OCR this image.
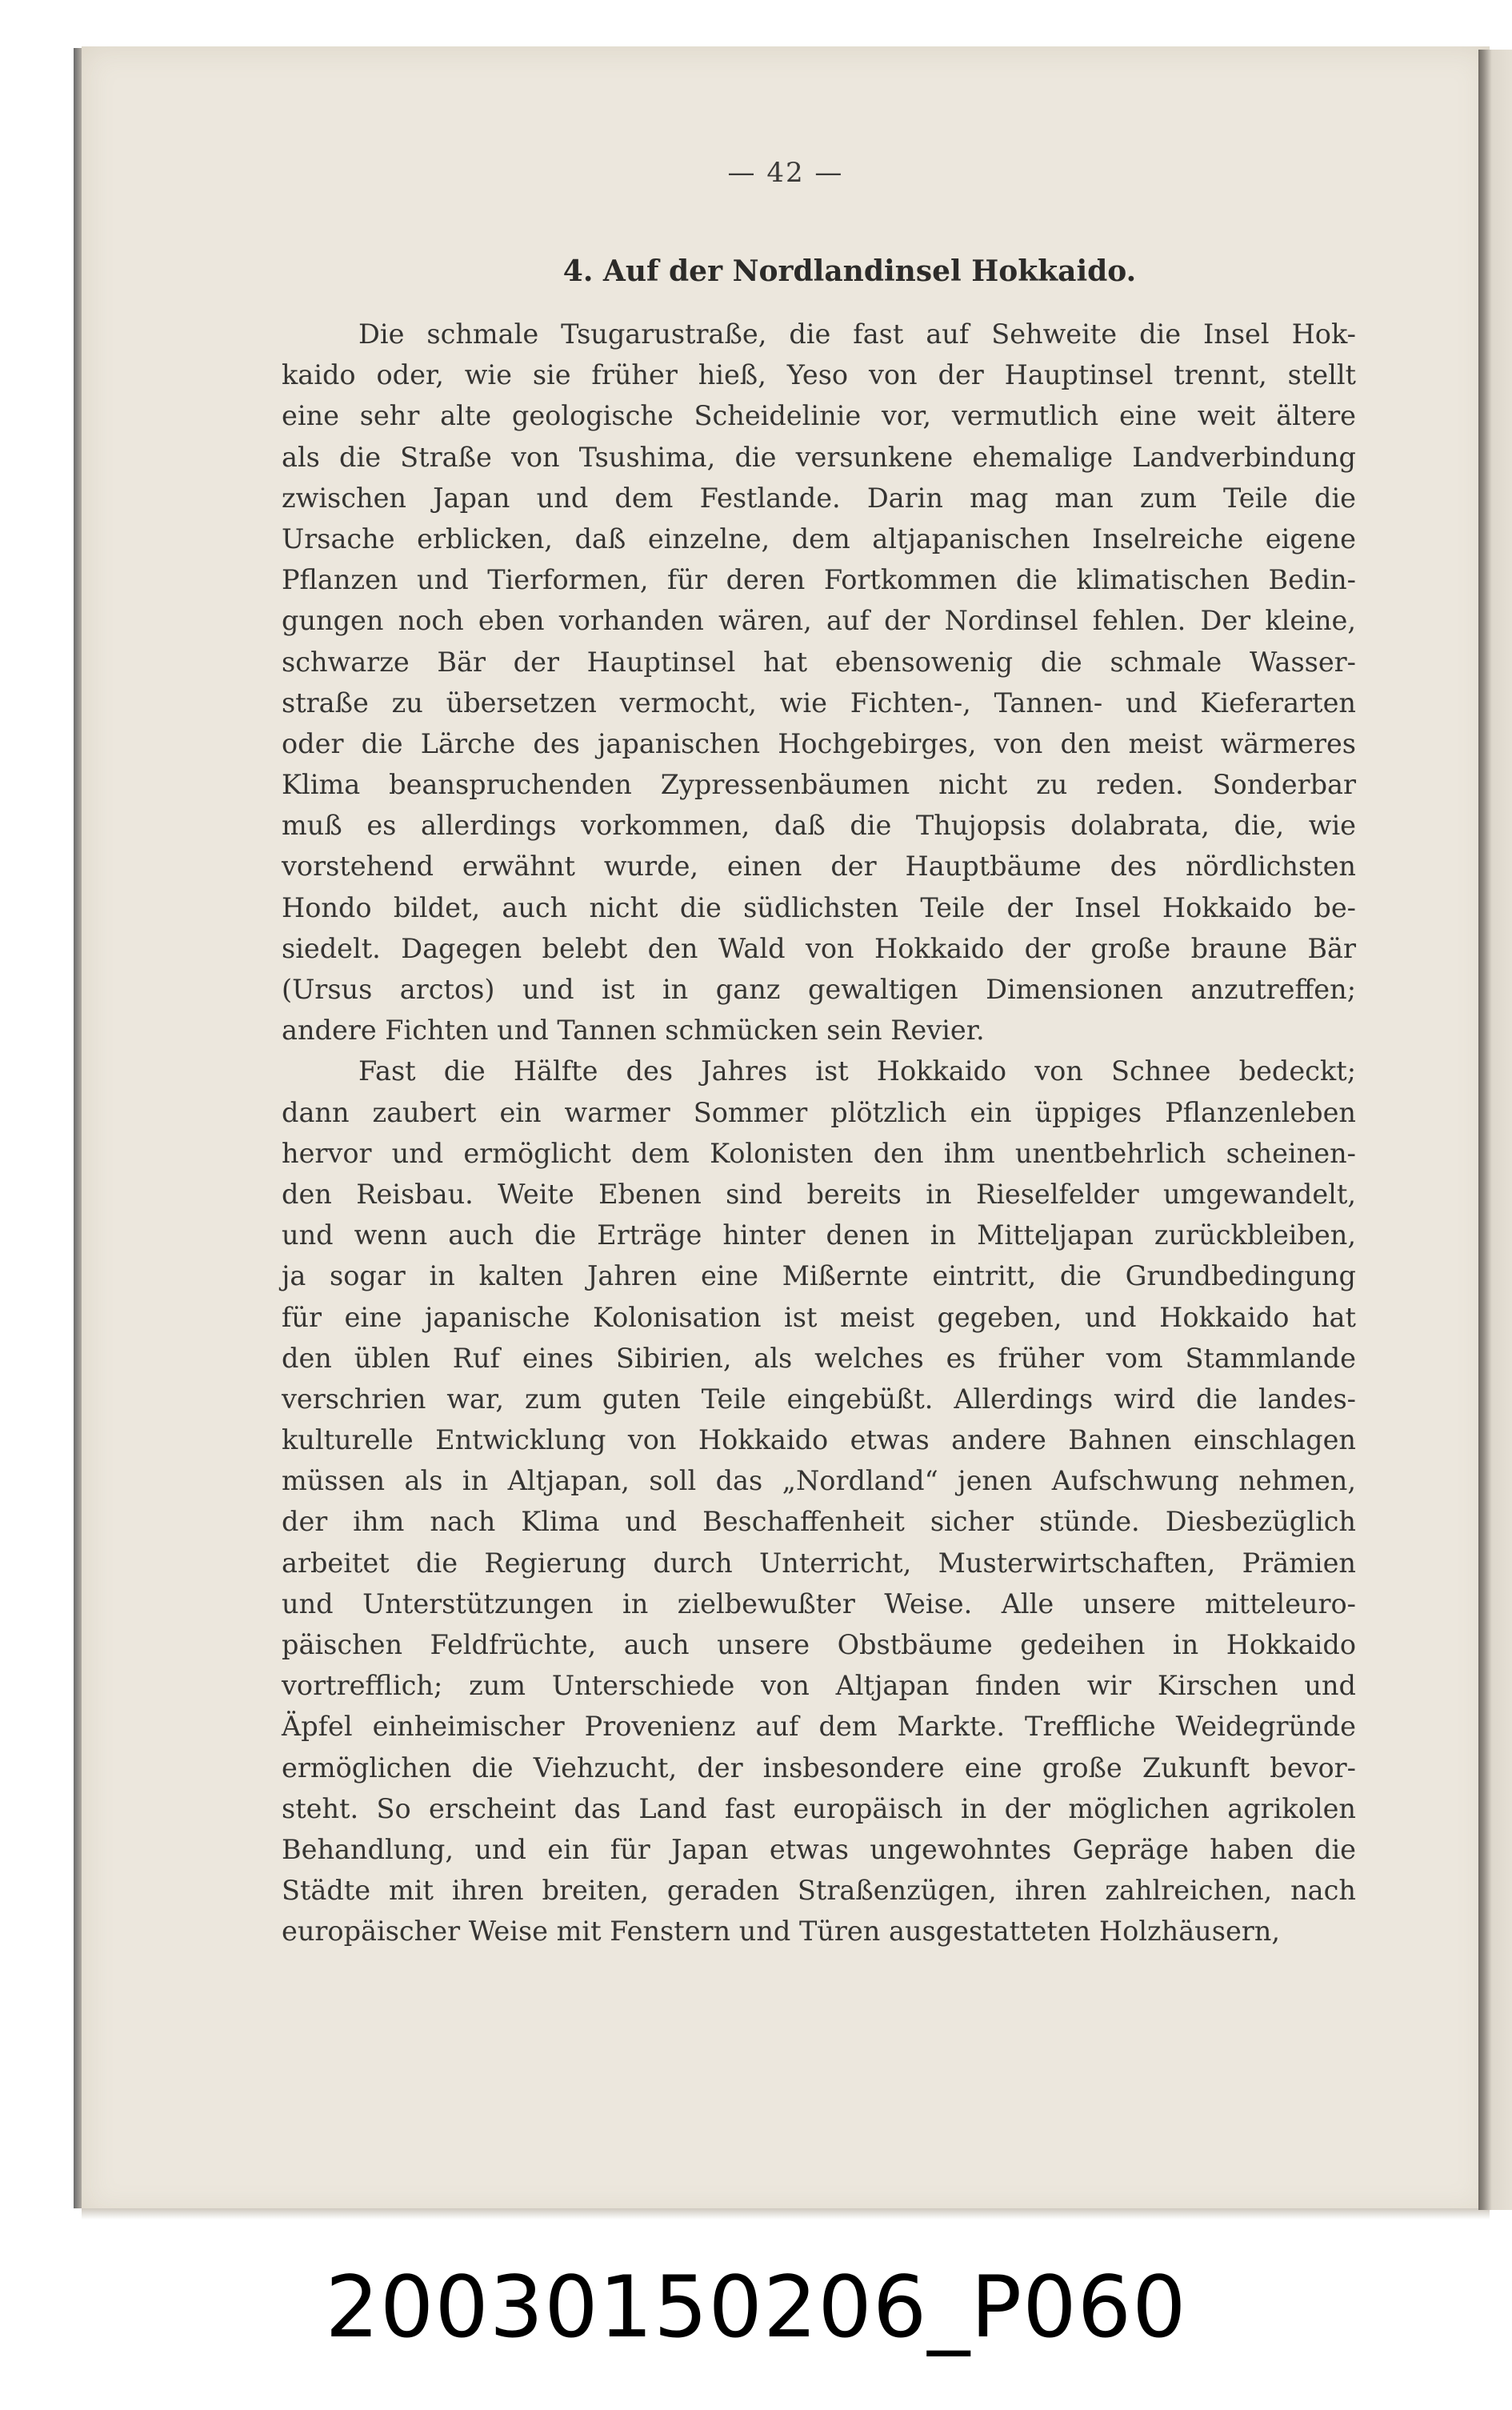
— 42 —
4. Auf der Nordlandinsel Hokkaido.
Die schmale Tsugarustraße, die fast auf Sehweite die Insel Hok-
kaido oder, wie sie früher hieß, Yeso von der Hauptinsel trennt, stellt
eine sehr alte geologische Scheidelinie vor, vermutlich eine weit ältere
als die Straße von Tsushima, die versunkene ehemalige Landverbindung
zwischen Japan und dem Festlande. Darin mag man zum Teile die
Ursache erblicken, daß einzelne, dem altjapanischen Inselreiche eigene
Pflanzen und Tierformen, für deren Fortkommen die klimatischen Bedin-
gungen noch eben vorhanden wären, auf der Nordinsel fehlen. Der kleine,
schwarze Bär der Hauptinsel hat ebensowenig die schmale Wasser-
straße zu übersetzen vermocht, wie Fichten-, Tannen- und Kieferarten
oder die Lärche des japanischen Hochgebirges, von den meist wärmeres
Klima beanspruchenden Zypressenbäumen nicht zu reden. Sonderbar
muß es allerdings vorkommen, daß die Thujopsis dolabrata, die, wie
vorstehend erwähnt wurde, einen der Hauptbäume des nördlichsten
Hondo bildet, auch nicht die südlichsten Teile der Insel Hokkaido be-
siedelt. Dagegen belebt den Wald von Hokkaido der große braune Bär
(Ursus arctos) und ist in ganz gewaltigen Dimensionen anzutreffen;
andere Fichten und Tannen schmücken sein Revier.
Fast die Hälfte des Jahres ist Hokkaido von Schnee bedeckt;
dann zaubert ein warmer Sommer plötzlich ein üppiges Pflanzenleben
hervor und ermöglicht dem Kolonisten den ihm unentbehrlich scheinen-
den Reisbau. Weite Ebenen sind bereits in Rieselfelder umgewandelt,
und wenn auch die Erträge hinter denen in Mitteljapan zurückbleiben,
ja sogar in kalten Jahren eine Mißernte eintritt, die Grundbedingung
für eine japanische Kolonisation ist meist gegeben, und Hokkaido hat
den üblen Ruf eines Sibirien, als welches es früher vom Stammlande
verschrien war, zum guten Teile eingebüßt. Allerdings wird die landes-
kulturelle Entwicklung von Hokkaido etwas andere Bahnen einschlagen
müssen als in Altjapan, soll das „Nordland“ jenen Aufschwung nehmen,
der ihm nach Klima und Beschaffenheit sicher stünde. Diesbezüglich
arbeitet die Regierung durch Unterricht, Musterwirtschaften, Prämien
und Unterstützungen in zielbewußter Weise. Alle unsere mitteleuro-
päischen Feldfrüchte, auch unsere Obstbäume gedeihen in Hokkaido
vortrefflich; zum Unterschiede von Altjapan finden wir Kirschen und
Äpfel einheimischer Provenienz auf dem Markte. Treffliche Weidegründe
ermöglichen die Viehzucht, der insbesondere eine große Zukunft bevor-
steht. So erscheint das Land fast europäisch in der möglichen agrikolen
Behandlung, und ein für Japan etwas ungewohntes Gepräge haben die
Städte mit ihren breiten, geraden Straßenzügen, ihren zahlreichen, nach
europäischer Weise mit Fenstern und Türen ausgestatteten Holzhäusern,
20030150206_P060
